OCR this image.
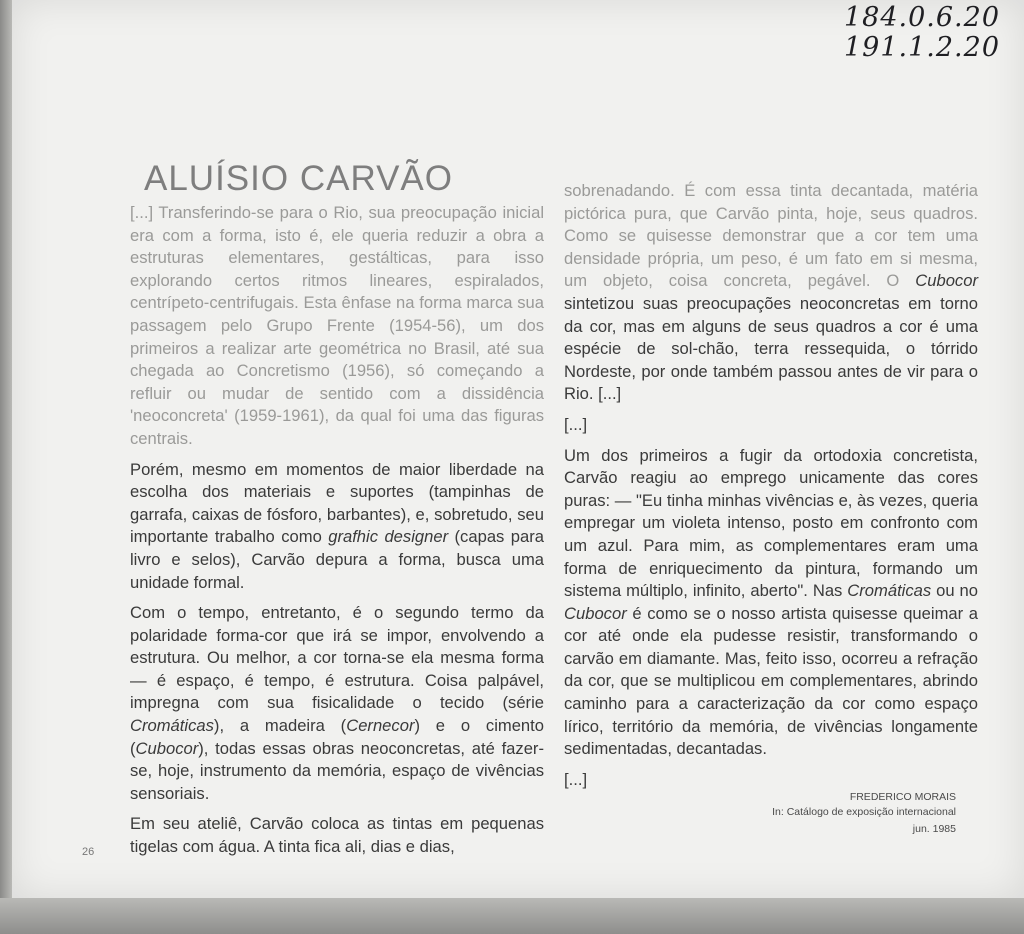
184.0.6.20
191.1.2.20
ALUÍSIO CARVÃO

[...] Transferindo-se para o Rio, sua preocupação inicial era com a forma, isto é, ele queria reduzir a obra a estruturas elementares, gestálticas, para isso explorando certos ritmos lineares, espiralados, centrípeto-centrifugais. Esta ênfase na forma marca sua passagem pelo Grupo Frente (1954-56), um dos primeiros a realizar arte geométrica no Brasil, até sua chegada ao Concretismo (1956), só começando a refluir ou mudar de sentido com a dissidência 'neoconcreta' (1959-1961), da qual foi uma das figuras centrais.

Porém, mesmo em momentos de maior liberdade na escolha dos materiais e suportes (tampinhas de garrafa, caixas de fósforo, barbantes), e, sobretudo, seu importante trabalho como grafhic designer (capas para livro e selos), Carvão depura a forma, busca uma unidade formal.

Com o tempo, entretanto, é o segundo termo da polaridade forma-cor que irá se impor, envolvendo a estrutura. Ou melhor, a cor torna-se ela mesma forma — é espaço, é tempo, é estrutura. Coisa palpável, impregna com sua fisicalidade o tecido (série Cromáticas), a madeira (Cernecor) e o cimento (Cubocor), todas essas obras neoconcretas, até fazer-se, hoje, instrumento da memória, espaço de vivências sensoriais.

Em seu ateliê, Carvão coloca as tintas em pequenas tigelas com água. A tinta fica ali, dias e dias,

sobrenadando. É com essa tinta decantada, matéria pictórica pura, que Carvão pinta, hoje, seus quadros. Como se quisesse demonstrar que a cor tem uma densidade própria, um peso, é um fato em si mesma, um objeto, coisa concreta, pegável. O Cubocor sintetizou suas preocupações neoconcretas em torno da cor, mas em alguns de seus quadros a cor é uma espécie de sol-chão, terra ressequida, o tórrido Nordeste, por onde também passou antes de vir para o Rio. [...]

[...]

Um dos primeiros a fugir da ortodoxia concretista, Carvão reagiu ao emprego unicamente das cores puras: — "Eu tinha minhas vivências e, às vezes, queria empregar um violeta intenso, posto em confronto com um azul. Para mim, as complementares eram uma forma de enriquecimento da pintura, formando um sistema múltiplo, infinito, aberto". Nas Cromáticas ou no Cubocor é como se o nosso artista quisesse queimar a cor até onde ela pudesse resistir, transformando o carvão em diamante. Mas, feito isso, ocorreu a refração da cor, que se multiplicou em complementares, abrindo caminho para a caracterização da cor como espaço lírico, território da memória, de vivências longamente sedimentadas, decantadas.

[...]

FREDERICO MORAIS
In: Catálogo de exposição internacional
jun. 1985
26
